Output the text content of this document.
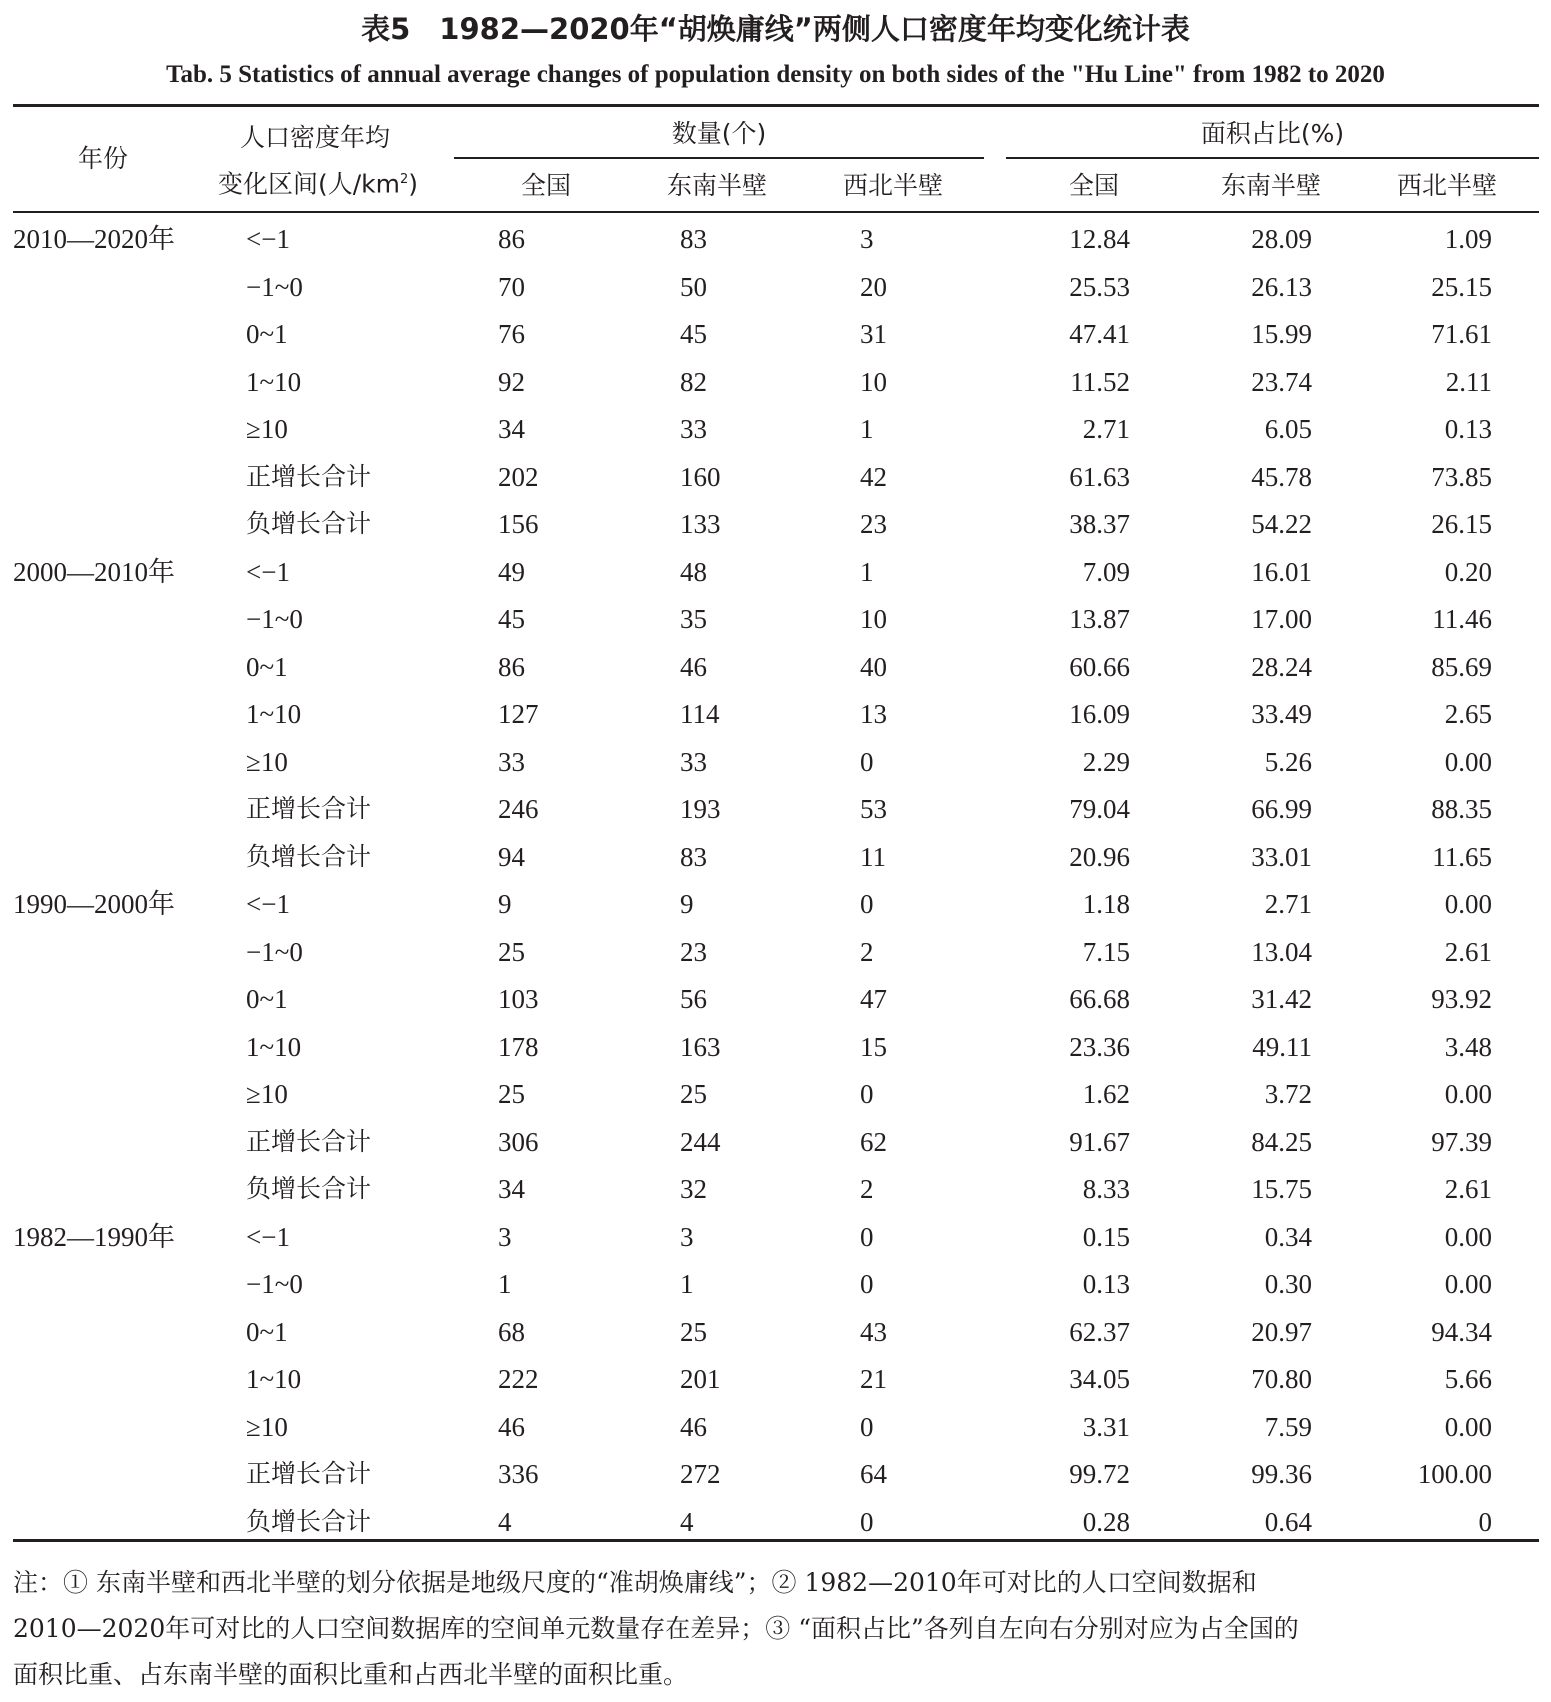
表5　1982—2020年“胡焕庸线”两侧人口密度年均变化统计表
Tab. 5 Statistics of annual average changes of population density on both sides of the "Hu Line" from 1982 to 2020
年份
人口密度年均
变化区间(人$/km^2$)
数量(个)	面积占比(%)
全国	东南半壁	西北半壁	全国	东南半壁	西北半壁
2010—2020年	<−1	86	83	3	12.84	28.09	1.09
−1~0	70	50	20	25.53	26.13	25.15
0~1	76	45	31	47.41	15.99	71.61
1~10	92	82	10	11.52	23.74	2.11
≥10	34	33	1	2.71	6.05	0.13
正增长合计	202	160	42	61.63	45.78	73.85
负增长合计	156	133	23	38.37	54.22	26.15
2000—2010年	<−1	49	48	1	7.09	16.01	0.20
−1~0	45	35	10	13.87	17.00	11.46
0~1	86	46	40	60.66	28.24	85.69
1~10	127	114	13	16.09	33.49	2.65
≥10	33	33	0	2.29	5.26	0.00
正增长合计	246	193	53	79.04	66.99	88.35
负增长合计	94	83	11	20.96	33.01	11.65
1990—2000年	<−1	9	9	0	1.18	2.71	0.00
−1~0	25	23	2	7.15	13.04	2.61
0~1	103	56	47	66.68	31.42	93.92
1~10	178	163	15	23.36	49.11	3.48
≥10	25	25	0	1.62	3.72	0.00
正增长合计	306	244	62	91.67	84.25	97.39
负增长合计	34	32	2	8.33	15.75	2.61
1982—1990年	<−1	3	3	0	0.15	0.34	0.00
−1~0	1	1	0	0.13	0.30	0.00
0~1	68	25	43	62.37	20.97	94.34
1~10	222	201	21	34.05	70.80	5.66
≥10	46	46	0	3.31	7.59	0.00
正增长合计	336	272	64	99.72	99.36	100.00
负增长合计	4	4	0	0.28	0.64	0
注：① 东南半壁和西北半壁的划分依据是地级尺度的“准胡焕庸线”；② 1982—2010年可对比的人口空间数据和
2010—2020年可对比的人口空间数据库的空间单元数量存在差异；③ “面积占比”各列自左向右分别对应为占全国的
面积比重、占东南半壁的面积比重和占西北半壁的面积比重。
